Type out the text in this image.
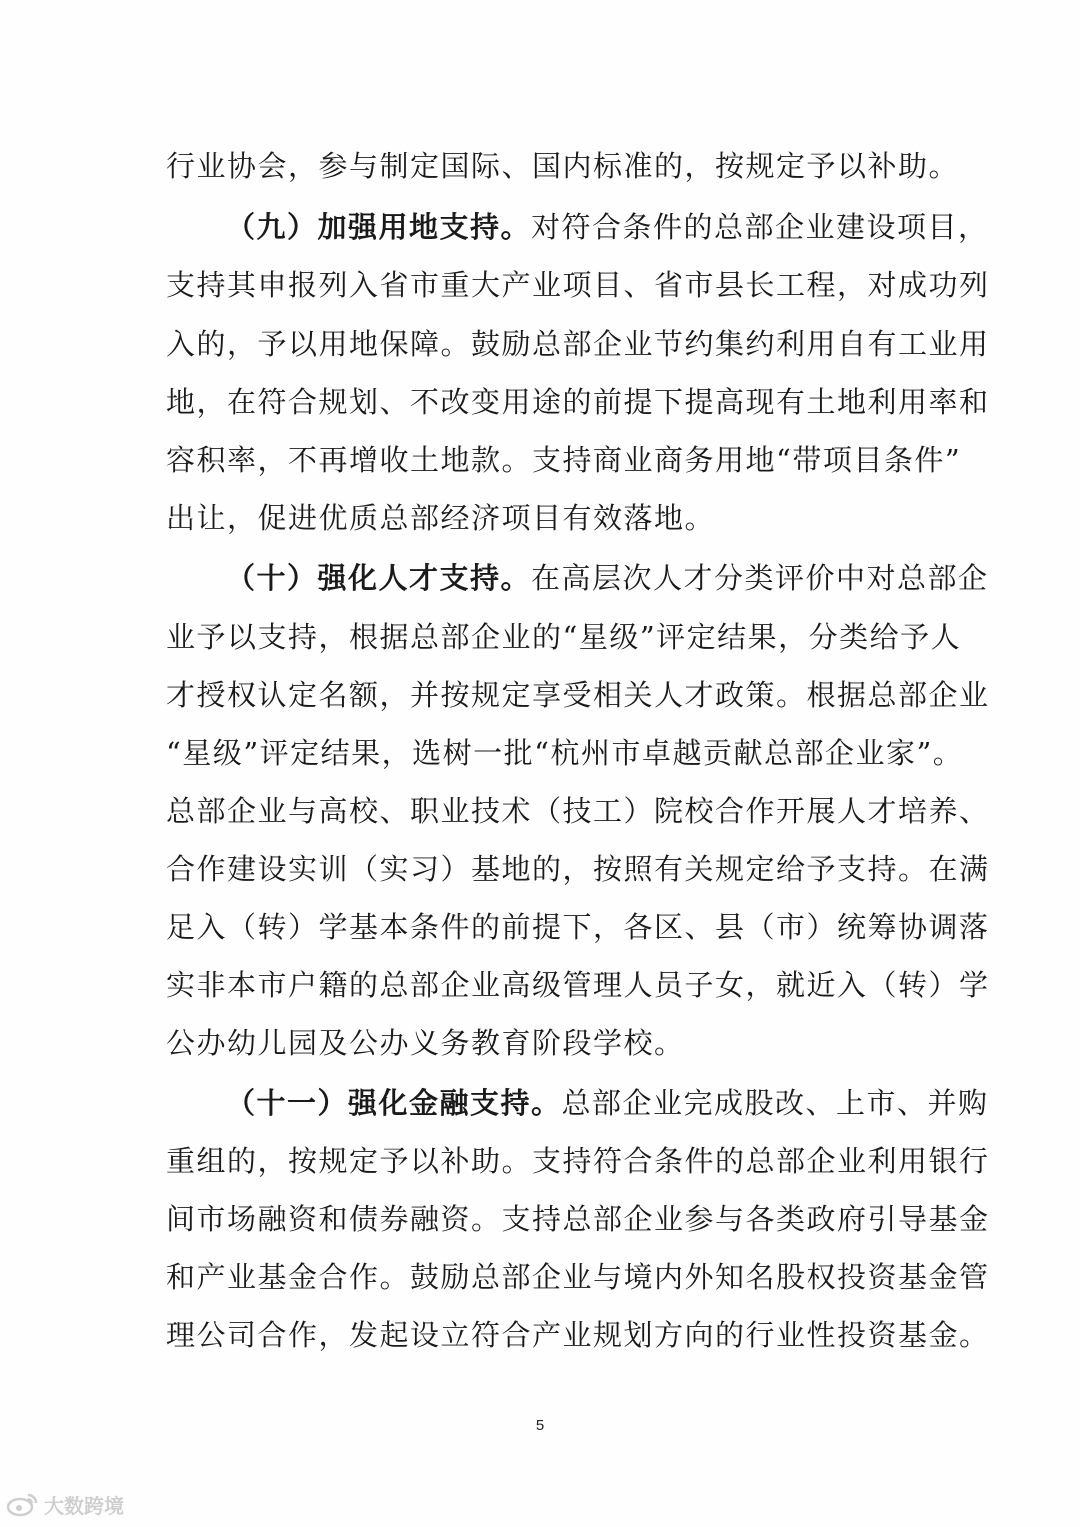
行业协会，参与制定国际、国内标准的，按规定予以补助。
（九）加强用地支持。对符合条件的总部企业建设项目，
支持其申报列入省市重大产业项目、省市县长工程，对成功列
入的，予以用地保障。鼓励总部企业节约集约利用自有工业用
地，在符合规划、不改变用途的前提下提高现有土地利用率和
容积率，不再增收土地款。支持商业商务用地“带项目条件”
出让，促进优质总部经济项目有效落地。
（十）强化人才支持。在高层次人才分类评价中对总部企
业予以支持，根据总部企业的“星级”评定结果，分类给予人
才授权认定名额，并按规定享受相关人才政策。根据总部企业
“星级”评定结果，选树一批“杭州市卓越贡献总部企业家”。
总部企业与高校、职业技术（技工）院校合作开展人才培养、
合作建设实训（实习）基地的，按照有关规定给予支持。在满
足入（转）学基本条件的前提下，各区、县（市）统筹协调落
实非本市户籍的总部企业高级管理人员子女，就近入（转）学
公办幼儿园及公办义务教育阶段学校。
（十一）强化金融支持。总部企业完成股改、上市、并购
重组的，按规定予以补助。支持符合条件的总部企业利用银行
间市场融资和债券融资。支持总部企业参与各类政府引导基金
和产业基金合作。鼓励总部企业与境内外知名股权投资基金管
理公司合作，发起设立符合产业规划方向的行业性投资基金。
5
大数跨境
